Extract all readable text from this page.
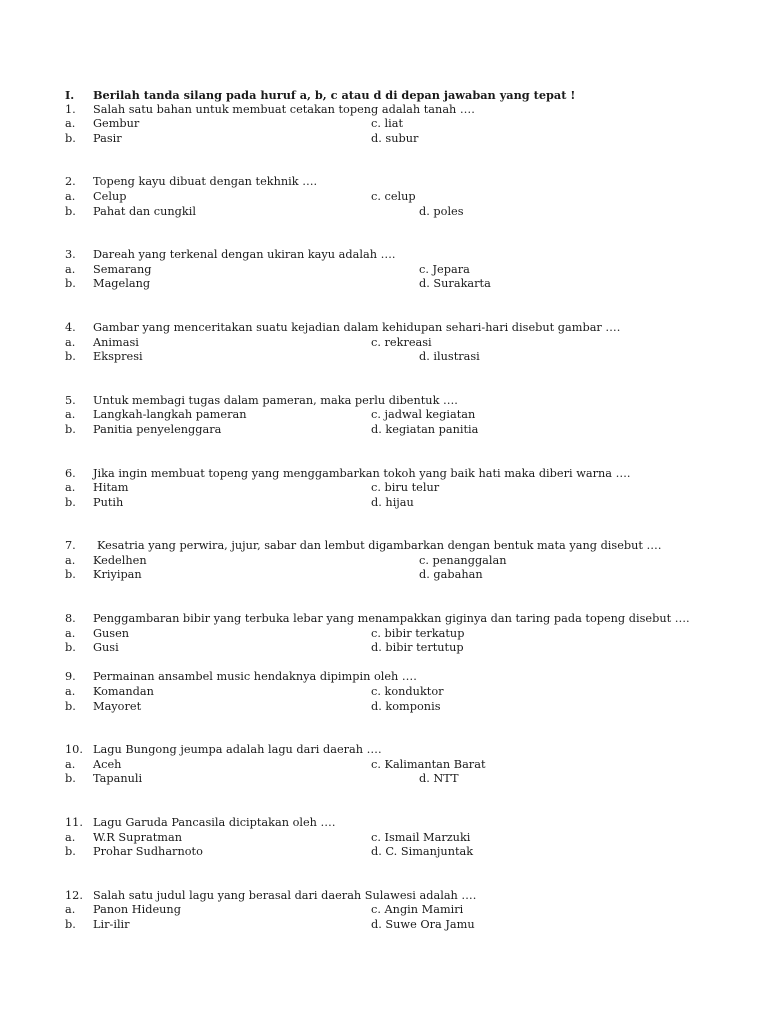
I. Berilah tanda silang pada huruf a, b, c atau d di depan jawaban yang tepat !
1. Salah satu bahan untuk membuat cetakan topeng adalah tanah ….
a. Gembur	c. liat
b. Pasir	d. subur
2. Topeng kayu dibuat dengan tekhnik ….
a. Celup	c. celup
b. Pahat dan cungkil	d. poles
3. Dareah yang terkenal dengan ukiran kayu adalah ….
a. Semarang	c. Jepara
b. Magelang	d. Surakarta
4. Gambar yang menceritakan suatu kejadian dalam kehidupan sehari-hari disebut gambar ….
a. Animasi	c. rekreasi
b. Ekspresi	d. ilustrasi
5. Untuk membagi tugas dalam pameran, maka perlu dibentuk ….
a. Langkah-langkah pameran	c. jadwal kegiatan
b. Panitia penyelenggara	d. kegiatan panitia
6. Jika ingin membuat topeng yang menggambarkan tokoh yang baik hati maka diberi warna ….
a. Hitam	c. biru telur
b. Putih	d. hijau
7. Kesatria yang perwira, jujur, sabar dan lembut digambarkan dengan bentuk mata yang disebut ….
a. Kedelhen	c. penanggalan
b. Kriyipan	d. gabahan
8. Penggambaran bibir yang terbuka lebar yang menampakkan giginya dan taring pada topeng disebut ….
a. Gusen	c. bibir terkatup
b. Gusi	d. bibir tertutup
9. Permainan ansambel music hendaknya dipimpin oleh ….
a. Komandan	c. konduktor
b. Mayoret	d. komponis
10. Lagu Bungong jeumpa adalah lagu dari daerah ….
a. Aceh	c. Kalimantan Barat
b. Tapanuli	d. NTT
11. Lagu Garuda Pancasila diciptakan oleh ….
a. W.R Supratman	c. Ismail Marzuki
b. Prohar Sudharnoto	d. C. Simanjuntak
12. Salah satu judul lagu yang berasal dari daerah Sulawesi adalah ….
a. Panon Hideung	c. Angin Mamiri
b. Lir-ilir	d. Suwe Ora Jamu
